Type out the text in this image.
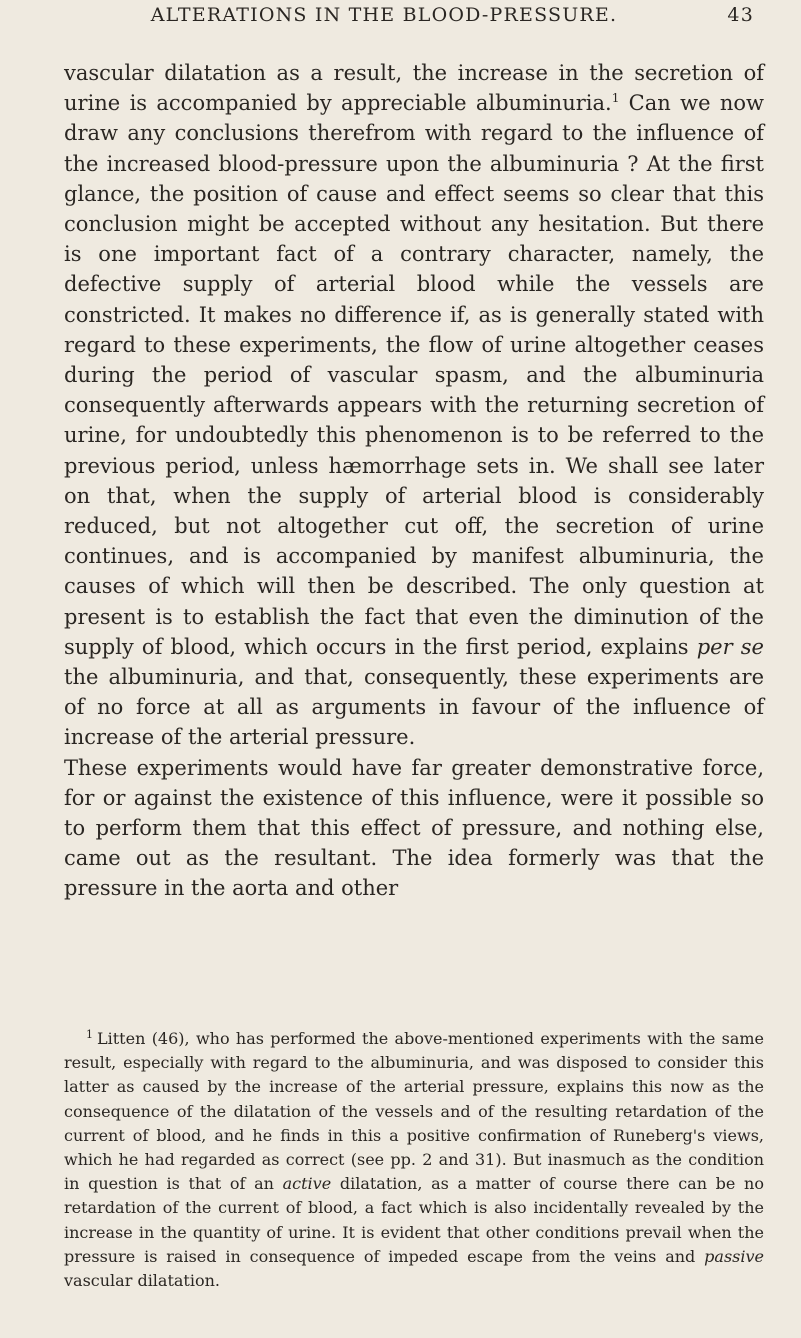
ALTERATIONS IN THE BLOOD-PRESSURE.	43

vascular dilatation as a result, the increase in the secretion of urine is accompanied by appreciable albuminuria.$^1$ Can we now draw any conclusions therefrom with regard to the influence of the increased blood-pressure upon the albuminuria ? At the first glance, the position of cause and effect seems so clear that this conclusion might be accepted without any hesitation. But there is one important fact of a contrary character, namely, the defective supply of arterial blood while the vessels are constricted. It makes no difference if, as is generally stated with regard to these experiments, the flow of urine altogether ceases during the period of vascular spasm, and the albuminuria consequently afterwards appears with the returning secretion of urine, for undoubtedly this phenomenon is to be referred to the previous period, unless hæmorrhage sets in. We shall see later on that, when the supply of arterial blood is considerably reduced, but not altogether cut off, the secretion of urine continues, and is accompanied by manifest albuminuria, the causes of which will then be described. The only question at present is to establish the fact that even the diminution of the supply of blood, which occurs in the first period, explains per se the albuminuria, and that, consequently, these experiments are of no force at all as arguments in favour of the influence of increase of the arterial pressure.

These experiments would have far greater demonstrative force, for or against the existence of this influence, were it possible so to perform them that this effect of pressure, and nothing else, came out as the resultant. The idea formerly was that the pressure in the aorta and other

$^1$ Litten (46), who has performed the above-mentioned experiments with the same result, especially with regard to the albuminuria, and was disposed to consider this latter as caused by the increase of the arterial pressure, explains this now as the consequence of the dilatation of the vessels and of the resulting retardation of the current of blood, and he finds in this a positive confirmation of Runeberg's views, which he had regarded as correct (see pp. 2 and 31). But inasmuch as the condition in question is that of an active dilatation, as a matter of course there can be no retardation of the current of blood, a fact which is also incidentally revealed by the increase in the quantity of urine. It is evident that other conditions prevail when the pressure is raised in consequence of impeded escape from the veins and passive vascular dilatation.
